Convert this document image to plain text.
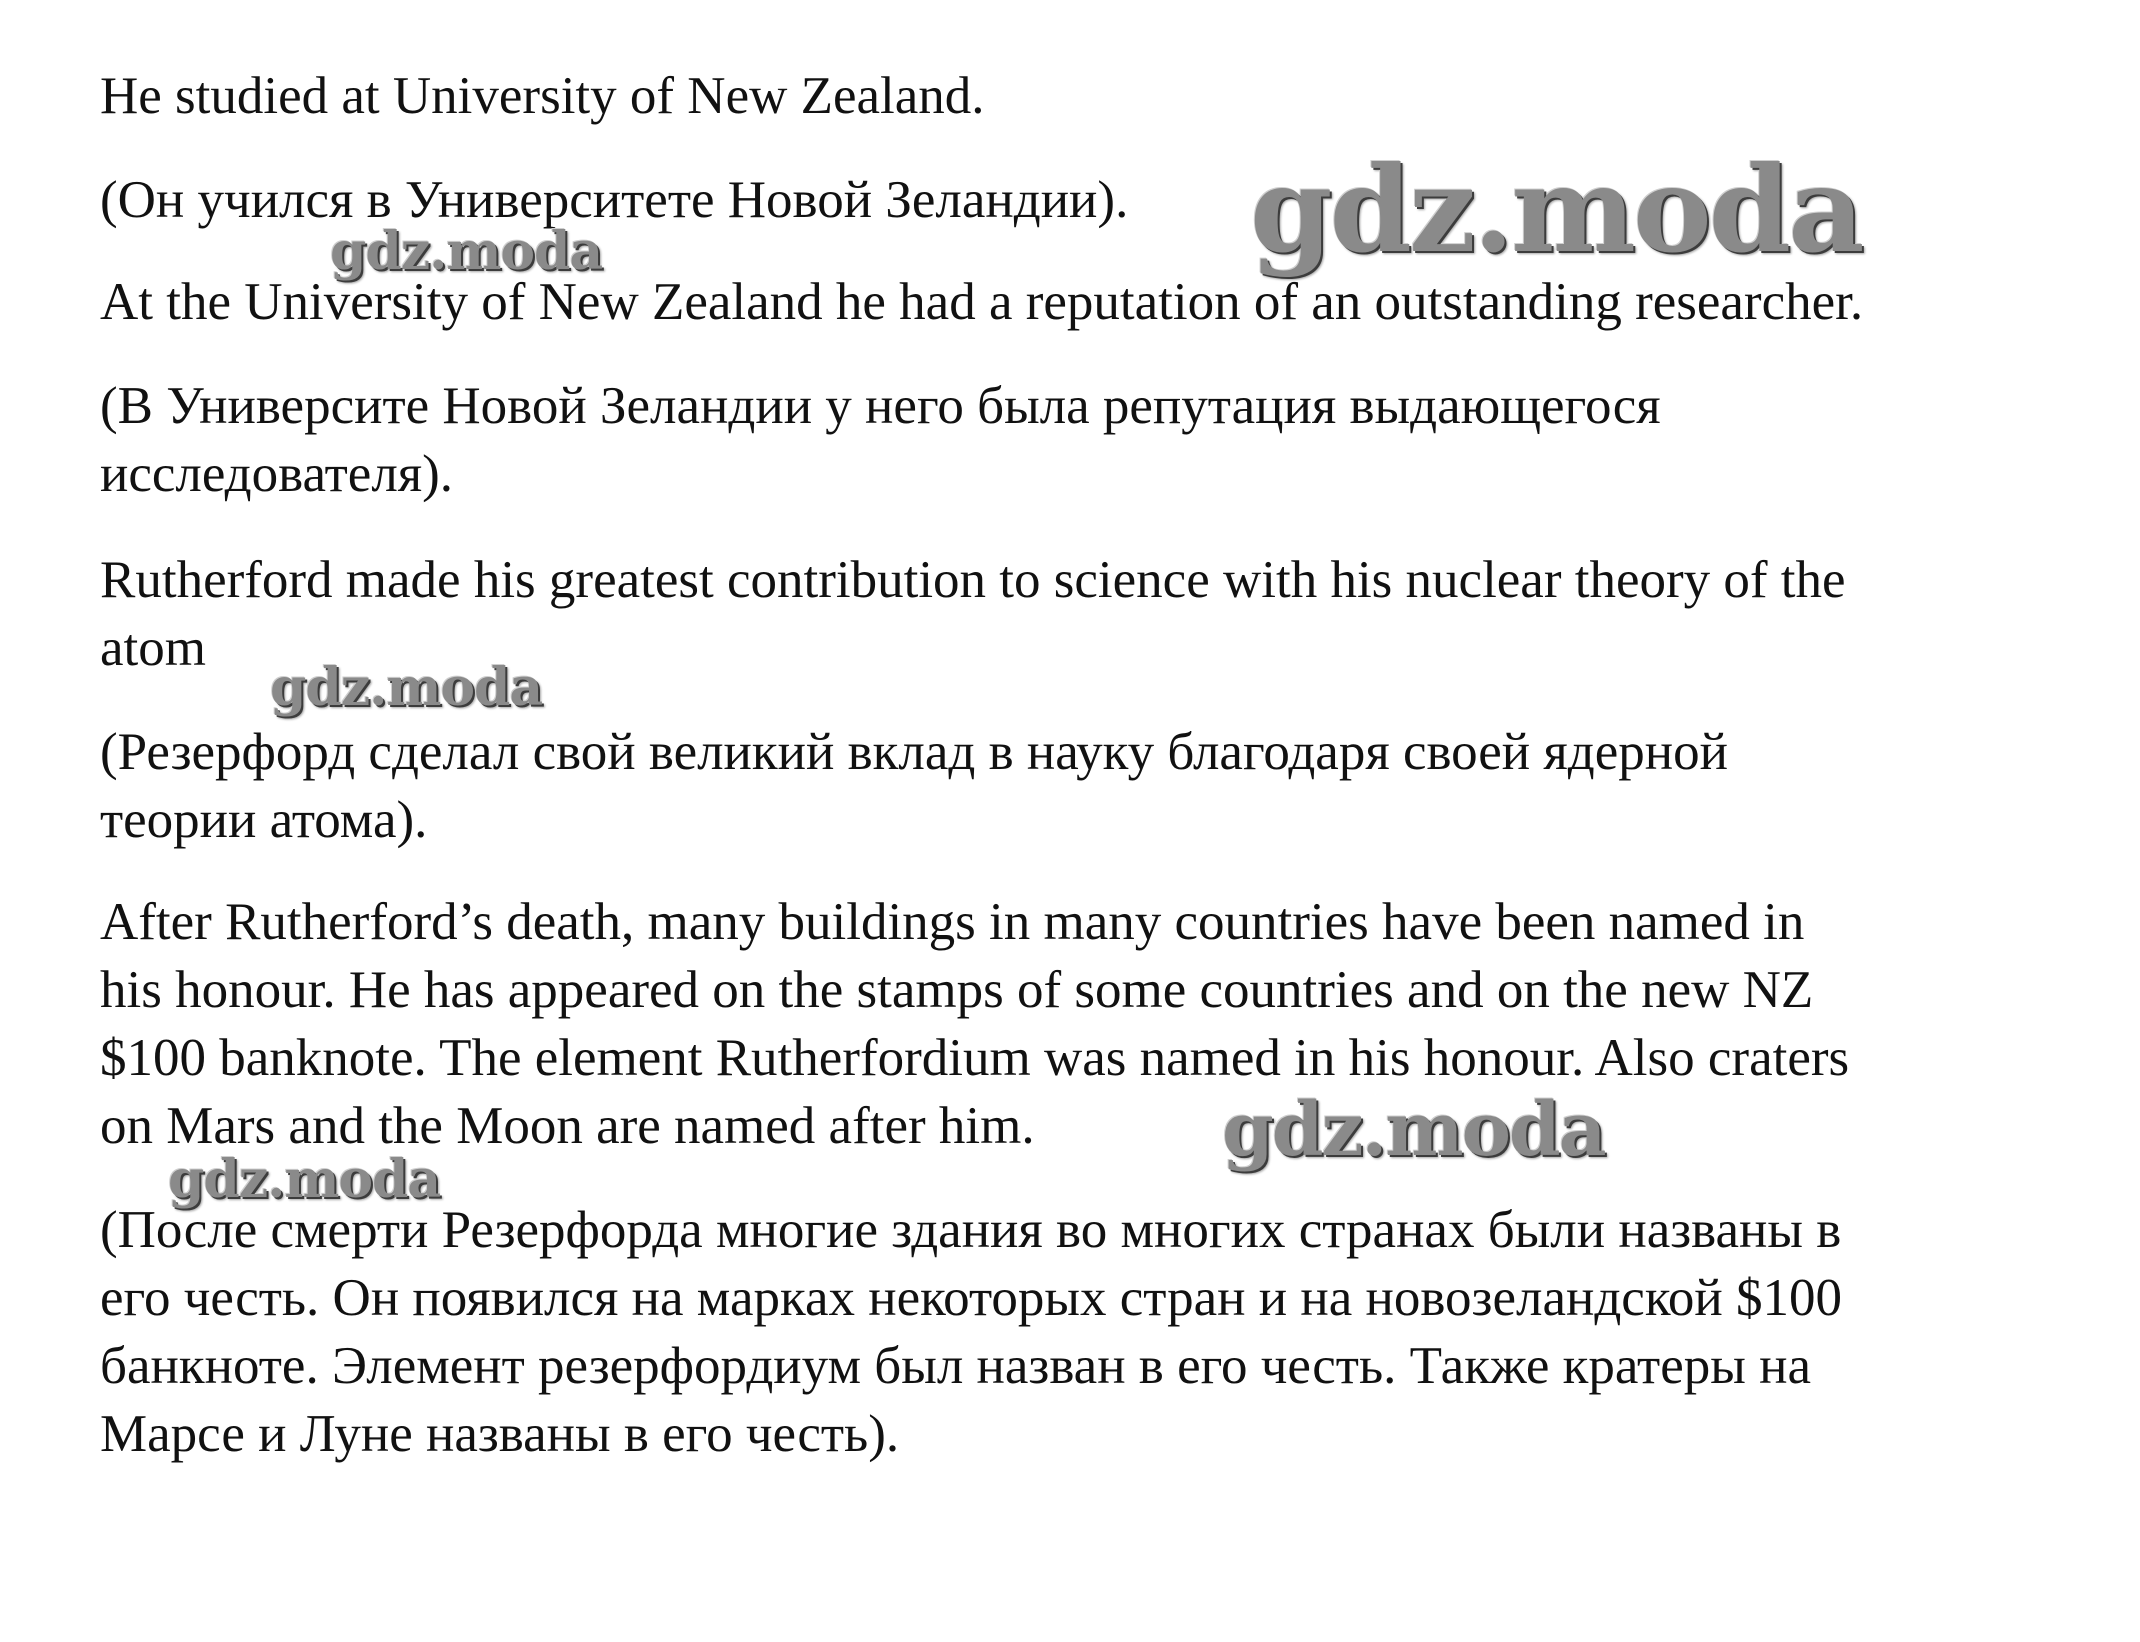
He studied at University of New Zealand.

(Он учился в Университете Новой Зеландии).

At the University of New Zealand he had a reputation of an outstanding researcher.

(В Университе Новой Зеландии у него была репутация выдающегося
исследователя).

Rutherford made his greatest contribution to science with his nuclear theory of the
atom

(Резерфорд сделал свой великий вклад в науку благодаря своей ядерной
теории атома).

After Rutherford’s death, many buildings in many countries have been named in
his honour. He has appeared on the stamps of some countries and on the new NZ
$100 banknote. The element Rutherfordium was named in his honour. Also craters
on Mars and the Moon are named after him.

(После смерти Резерфорда многие здания во многих странах были названы в
его честь. Он появился на марках некоторых стран и на новозеландской $100
банкноте. Элемент резерфордиум был назван в его честь. Также кратеры на
Марсе и Луне названы в его честь).

gdz.moda
gdz.moda
gdz.moda
gdz.moda
gdz.moda
